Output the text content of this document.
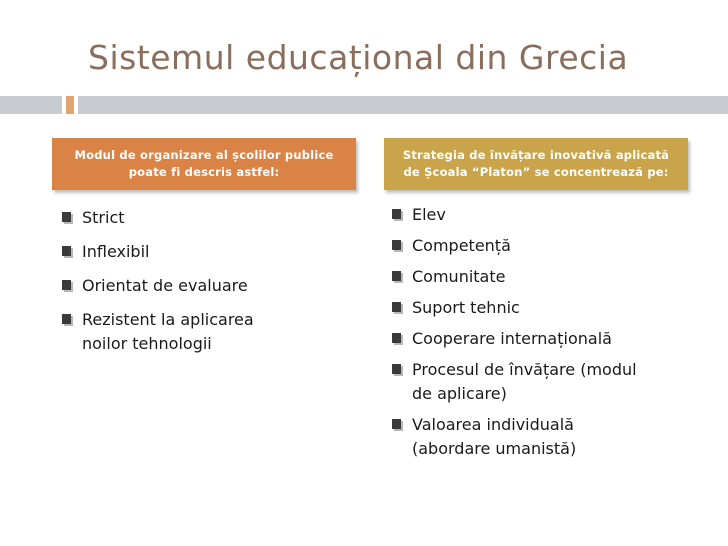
Sistemul educațional din Grecia
Modul de organizare al școlilor publice
poate fi descris astfel:
Strategia de învățare inovativă aplicată
de Școala “Platon” se concentrează pe:
Strict
Inflexibil
Orientat de evaluare
Rezistent la aplicarea
noilor tehnologii
Elev
Competență
Comunitate
Suport tehnic
Cooperare internațională
Procesul de învățare (modul
de aplicare)
Valoarea individuală
(abordare umanistă)
